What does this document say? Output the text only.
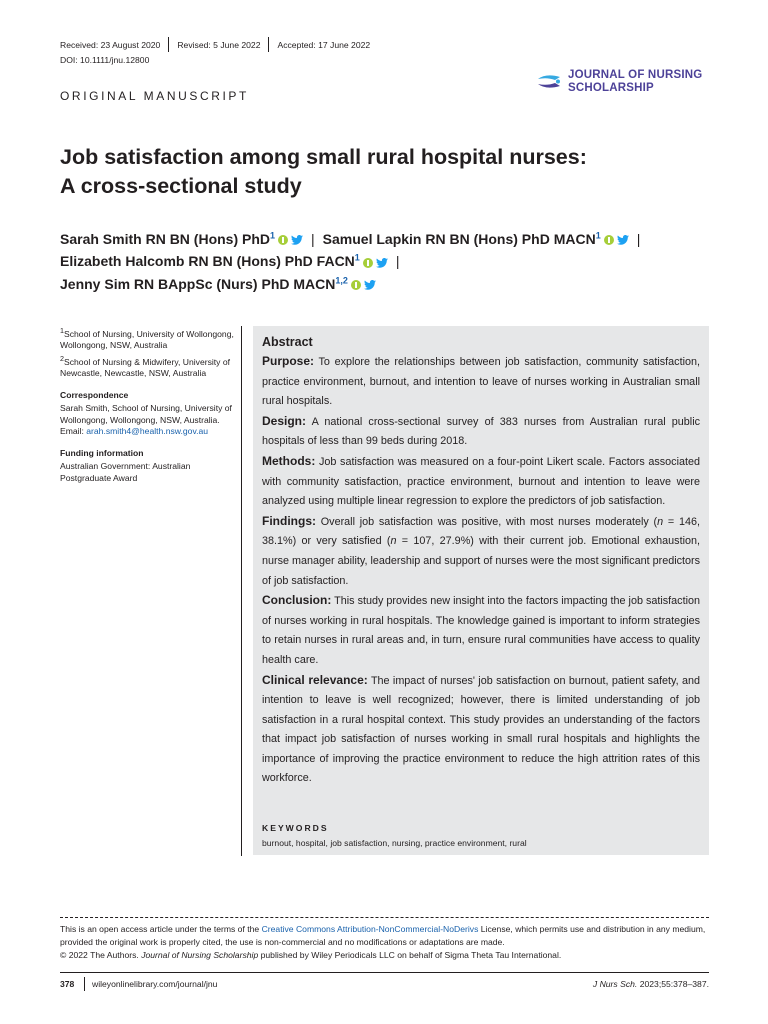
Received: 23 August 2020 Revised: 5 June 2022 Accepted: 17 June 2022
DOI: 10.1111/jnu.12800
ORIGINAL MANUSCRIPT
JOURNAL OF NURSING
SCHOLARSHIP
Job satisfaction among small rural hospital nurses:
A cross-sectional study
Sarah Smith RN BN (Hons) PhD$^1$	| Samuel Lapkin RN BN (Hons) PhD MACN$^1$	|
Elizabeth Halcomb RN BN (Hons) PhD FACN$^1$	|
Jenny Sim RN BAppSc (Nurs) PhD MACN$^{1,2}$

$^1$School of Nursing, University of Wollongong, Wollongong, NSW, Australia

$^2$School of Nursing & Midwifery, University of Newcastle, Newcastle, NSW, Australia

Correspondence

Sarah Smith, School of Nursing, University of Wollongong, Wollongong, NSW, Australia.
Email: arah.smith4@health.nsw.gov.au

Funding information

Australian Government: Australian Postgraduate Award

Abstract

Purpose: To explore the relationships between job satisfaction, community satisfaction, practice environment, burnout, and intention to leave of nurses working in Australian small rural hospitals.

Design: A national cross-sectional survey of 383 nurses from Australian rural public hospitals of less than 99 beds during 2018.

Methods: Job satisfaction was measured on a four-point Likert scale. Factors associated with community satisfaction, practice environment, burnout and intention to leave were analyzed using multiple linear regression to explore the predictors of job satisfaction.

Findings: Overall job satisfaction was positive, with most nurses moderately (n = 146, 38.1%) or very satisfied (n = 107, 27.9%) with their current job. Emotional exhaustion, nurse manager ability, leadership and support of nurses were the most significant predictors of job satisfaction.

Conclusion: This study provides new insight into the factors impacting the job satisfaction of nurses working in rural hospitals. The knowledge gained is important to inform strategies to retain nurses in rural areas and, in turn, ensure rural communities have access to quality health care.

Clinical relevance: The impact of nurses' job satisfaction on burnout, patient safety, and intention to leave is well recognized; however, there is limited understanding of job satisfaction in a rural hospital context. This study provides an understanding of the factors that impact job satisfaction of nurses working in small rural hospitals and highlights the importance of improving the practice environment to reduce the high attrition rates of this workforce.

KEYWORDS
burnout, hospital, job satisfaction, nursing, practice environment, rural
This is an open access article under the terms of the Creative Commons Attribution-NonCommercial-NoDerivs License, which permits use and distribution in any medium, provided the original work is properly cited, the use is non-commercial and no modifications or adaptations are made.
© 2022 The Authors. Journal of Nursing Scholarship published by Wiley Periodicals LLC on behalf of Sigma Theta Tau International.
378 wileyonlinelibrary.com/journal/jnu	J Nurs Sch. 2023;55:378–387.
